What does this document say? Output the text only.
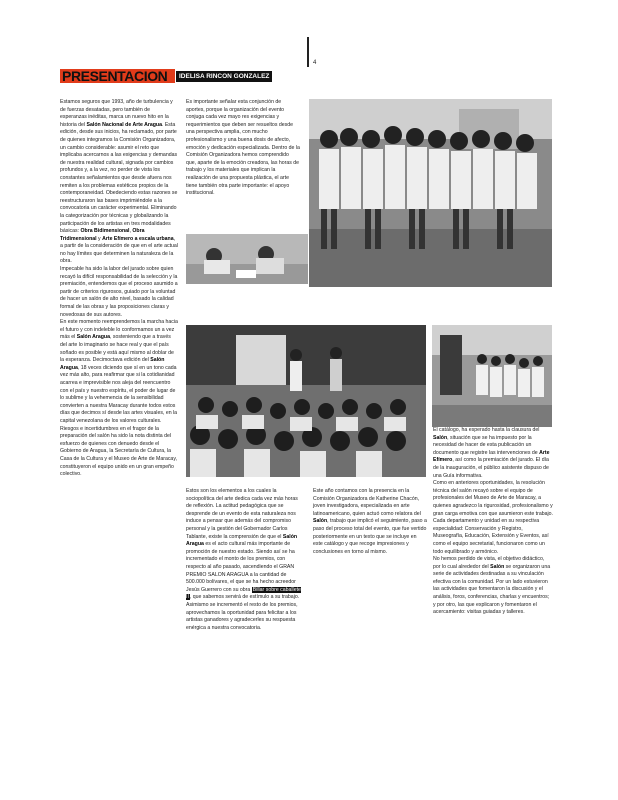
4
PRESENTACION	IDELISA RINCON GONZALEZ

Estamos seguros que 1993, año de turbulencia y de fuerzas desatadas, pero también de esperanzas inéditas, marca un nuevo hito en la historia del Salón Nacional de Arte Aragua. Esta edición, desde sus inicios, ha reclamado, por parte de quienes integramos la Comisión Organizadora, un cambio considerable: asumir el reto que implicaba acercarnos a las exigencias y demandas de nuestra realidad cultural, signada por cambios profundos y, a la vez, no perder de vista los constantes señalamientos que desde afuera nos remiten a los problemas estéticos propios de la contemporaneidad. Obedeciendo estas razones se reestructuraron las bases imprimiéndole a la convocatoria un carácter experimental. Eliminando la categorización por técnicas y globalizando la participación de los artistas en tres modalidades básicas: Obra Bidimensional, Obra Tridimensional y Arte Efímero a escala urbana, a partir de la consideración de que en el arte actual no hay límites que determinen la naturaleza de la obra.

Impecable ha sido la labor del jurado sobre quien recayó la difícil responsabilidad de la selección y la premiación, entendemos que el proceso asumido a partir de criterios rigurosos, guiado por la voluntad de hacer un salón de alto nivel, basado la calidad formal de las obras y las proposiciones claras y novedosas de sus autores.

En este momento reemprendemos la marcha hacia el futuro y con indeleble lo conformamos un a vez más el Salón Aragua, sosteniendo que a través del arte lo imaginario se hace real y que el país soñado es posible y está aquí mismo al doblar de la esperanza. Decimoctava edición del Salón Aragua, 18 veces diciendo que sí en un tono cada vez más alto, para reafirmar que si la cotidianidad acarrea e imprevisible nos aleja del reencuentro con el país y nuestro espíritu, el poder de lugar de lo sublime y la vehemencia de la sensibilidad convierten a nuestra Maracay durante todos estos días que decimos sí desde las artes visuales, en la capital venezolana de los valores culturales. Riesgos e incertidumbres en el fragor de la preparación del salón ha sido la nota distinta del esfuerzo de quienes con denuedo desde el Gobierno de Aragua, la Secretaría de Cultura, la Casa de la Cultura y el Museo de Arte de Maracay, constituyeron el equipo unido en un gran empeño colectivo.

Es importante señalar esta conjunción de aportes, porque la organización del evento conjuga cada vez mayo res exigencias y requerimientos que deben ser resueltos desde una perspectiva amplia, con mucho profesionalismo y una buena dosis de afecto, emoción y dedicación especializada. Dentro de la Comisión Organizadora hemos comprendido que, aparte de la emoción creadora, las horas de trabajo y los materiales que implican la realización de una propuesta plástica, el arte tiene también otra parte importante: el apoyo institucional.

Estos son los elementos a los cuales la sociopolítica del arte dedica cada vez más horas de reflexión. La actitud pedagógica que se desprende de un evento de esta naturaleza nos induce a pensar que además del compromiso personal y la gestión del Gobernador Carlos Tablante, existe la comprensión de que el Salón Aragua es el acto cultural más importante de promoción de nuestro estado. Siendo así se ha incrementado el monto de los premios, con respecto al año pasado, ascendiendo el GRAN PREMIO SALON ARAGUA a la cantidad de 500.000 bolívares, el que se ha hecho acreedor Jesús Guerrero con su obra Billar sobre caballete II, que sabemos servirá de estímulo a su trabajo. Asimismo se incrementó el resto de los premios, aprovechamos la oportunidad para felicitar a los artistas ganadores y agradecerles su respuesta enérgica a nuestra convocatoria.

Este año contamos con la presencia en la Comisión Organizadora de Katherine Chacón, joven investigadora, especializada en arte latinoamericano, quien actuó como relatora del Salón, trabajo que implicó el seguimiento, paso a paso del proceso total del evento, que fue vertido posteriormente en un texto que se incluye en este catálogo y que recoge impresiones y conclusiones en torno al mismo.

El catálogo, ha esperado hasta la clausura del Salón, situación que se ha impuesto por la necesidad de hacer de esta publicación un documento que registre las intervenciones de Arte Efímero, así como la premiación del jurado. El día de la inauguración, el público asistente dispuso de una Guía informativa.

Como en anteriores oportunidades, la resolución técnica del salón recayó sobre el equipo de profesionales del Museo de Arte de Maracay, a quienes agradezco la rigurosidad, profesionalismo y gran carga emotiva con que asumieron este trabajo. Cada departamento y unidad en su respectiva especialidad: Conservación y Registro, Museografía, Educación, Extensión y Eventos, así como el equipo secretarial, funcionaron como un todo equilibrado y armónico.

No hemos perdido de vista, el objetivo didáctico, por lo cual alrededor del Salón se organizaron una serie de actividades destinadas a su vinculación efectiva con la comunidad. Por un lado estuvieron las actividades que fomentaron la discusión y el análisis, foros, conferencias, charlas y encuentros; y por otro, las que explicaron y fomentaron el acercamiento: visitas guiadas y talleres.
